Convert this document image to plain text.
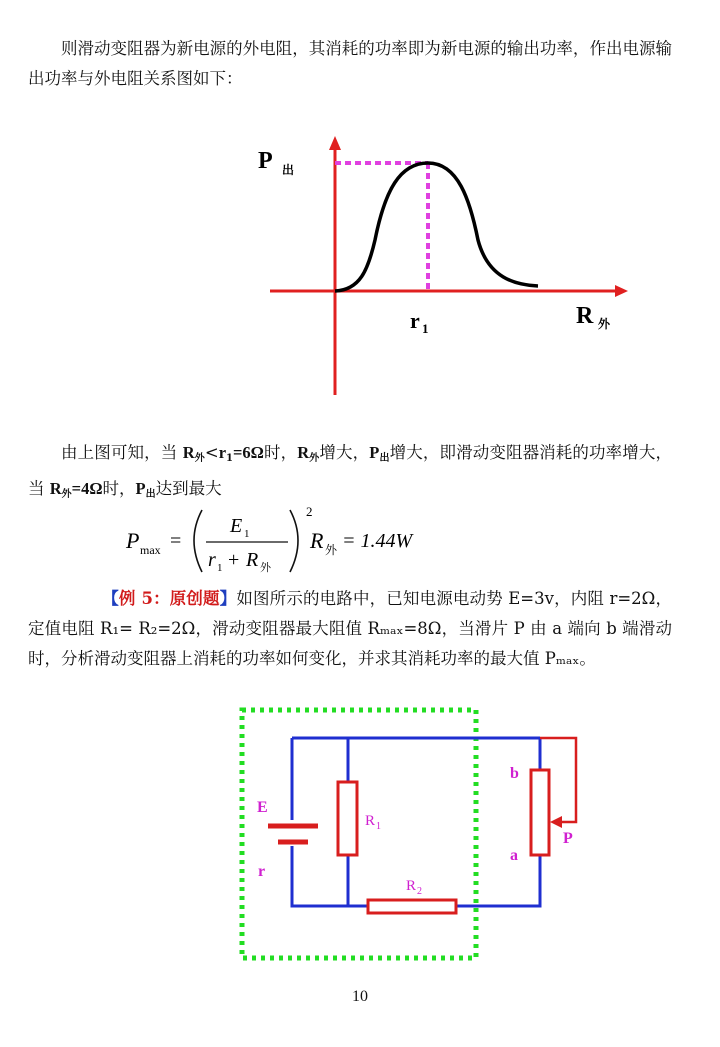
则滑动变阻器为新电源的外电阻，其消耗的功率即为新电源的输出功率，作出电源输出功率与外电阻关系图如下：

P 出
r 1	R 外

由上图可知，当 $R_外<r_1=6\Omega$时，$R_外$增大，$P_出$增大，即滑动变阻器消耗的功率增大，当 $R_外=4\Omega$时，$P_出$达到最大

P max =
E 1
r 1 + R 外
2
R 外 = 1.44W

【例 5：原创题】如图所示的电路中，已知电源电动势 E=3v，内阻 r=2Ω，定值电阻 R₁= R₂=2Ω，滑动变阻器最大阻值 Rₘₐₓ=8Ω，当滑片 P 由 a 端向 b 端滑动时，分析滑动变阻器上消耗的功率如何变化，并求其消耗功率的最大值 Pₘₐₓ。

E
r
R 1
R 2
b
a
P
10
